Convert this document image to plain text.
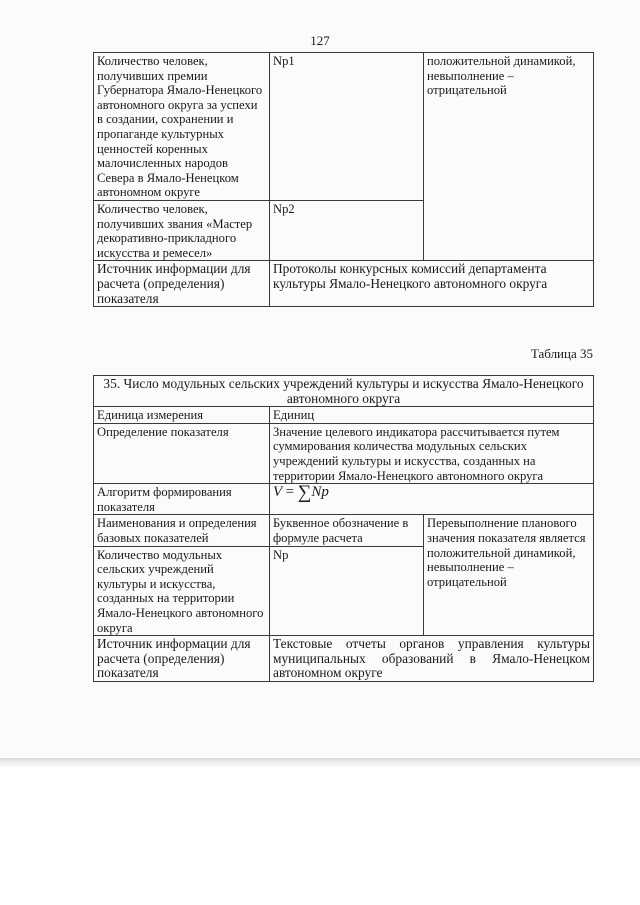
127
Количество человек, получивших премии Губернатора Ямало-Ненецкого автономного округа за успехи в создании, сохранении и пропаганде культурных ценностей коренных малочисленных народов Севера в Ямало-Ненецком автономном округе	Nр1	положительной динамикой, невыполнение – отрицательной
Количество человек, получивших звания «Мастер декоративно-прикладного искусства и ремесел»	Nр2	
Источник информации для расчета (определения) показателя	Протоколы конкурсных комиссий департамента культуры Ямало-Ненецкого автономного округа	
Таблица 35
35. Число модульных сельских учреждений культуры и искусства Ямало-Ненецкого автономного округа		
Единица измерения	Единиц	
Определение показателя	Значение целевого индикатора рассчитывается путем суммирования количества модульных сельских учреждений культуры и искусства, созданных на территории Ямало-Ненецкого автономного округа	
Алгоритм формирования показателя	V = ∑Np	
Наименования и определения базовых показателей	Буквенное обозначение в формуле расчета	Перевыполнение планового значения показателя является положительной динамикой, невыполнение – отрицательной
Количество модульных сельских учреждений культуры и искусства, созданных на территории Ямало-Ненецкого автономного округа	Np	
Источник информации для расчета (определения) показателя	Текстовые отчеты органов управления культуры муниципальных образований в Ямало-Ненецком автономном округе	
